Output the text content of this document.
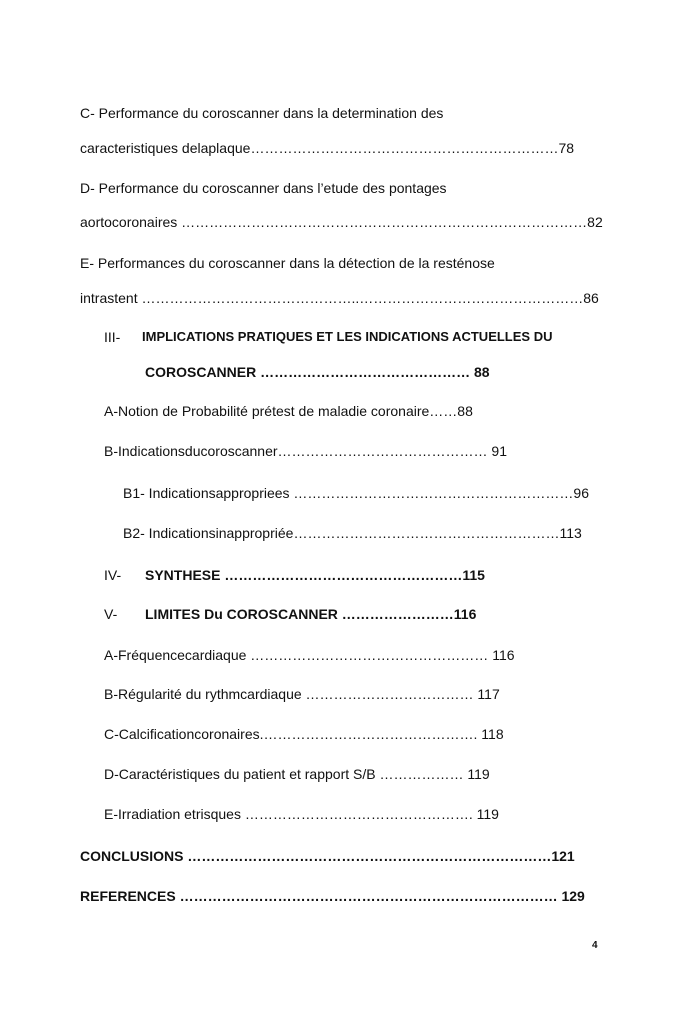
C- Performance du coroscanner dans la determination des
caracteristiques delaplaque…………………………………………………………78
D- Performance du coroscanner dans l’etude des pontages
aortocoronaires ……………………………………………………………………………82
E- Performances du coroscanner dans la détection de la resténose
intrastent ………………………………………..…………………………………………86
III- IMPLICATIONS PRATIQUES ET LES INDICATIONS ACTUELLES DU
COROSCANNER ……………………………………… 88
A-Notion de Probabilité prétest de maladie coronaire……88
B-Indicationsducoroscanner……………………………………… 91
B1- Indicationsappropriees ……………………………………………………96
B2- Indicationsinappropriée…………………………………………………113
IV- SYNTHESE ……………………………………………115
V- LIMITES Du COROSCANNER ……………………116
A-Fréquencecardiaque …………………………………………… 116
B-Régularité du rythmcardiaque ……………………………… 117
C-Calcificationcoronaires.………………………………………. 118
D-Caractéristiques du patient et rapport S/B ……………… 119
E-Irradiation etrisques …………………………………………. 119
CONCLUSIONS ……………………………………………………………………121
REFERENCES ……………………………………………………………………… 129
4
